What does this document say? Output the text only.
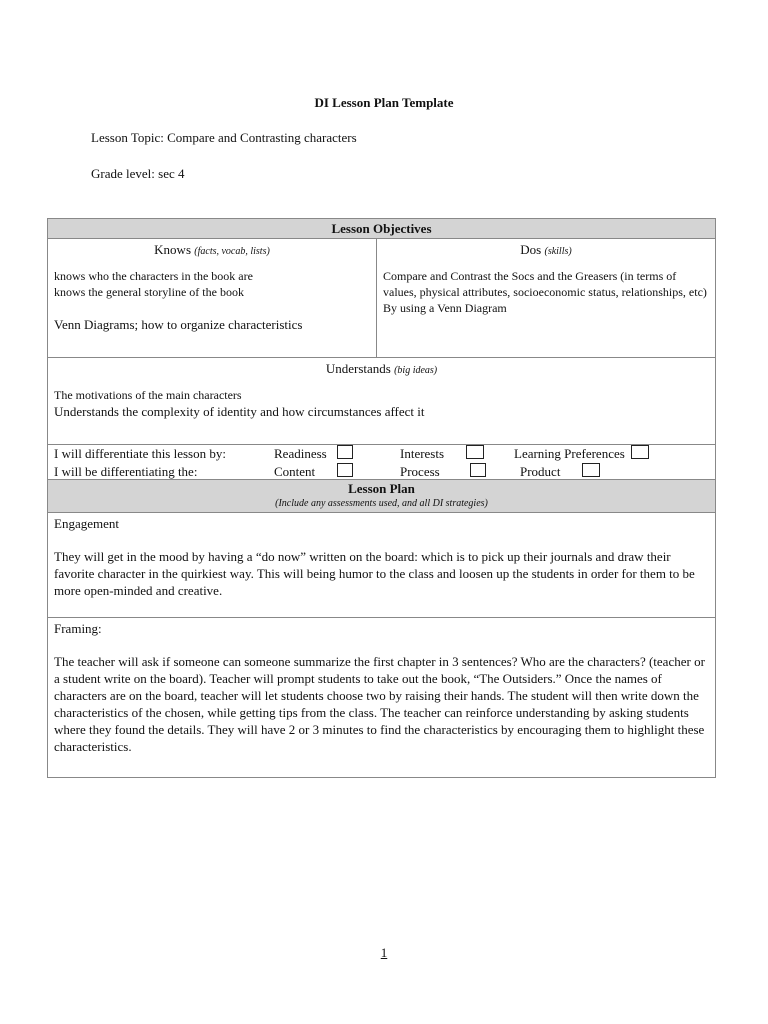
DI Lesson Plan Template
Lesson Topic: Compare and Contrasting characters
Grade level: sec 4
Lesson Objectives

Knows (facts, vocab, lists)
knows who the characters in the book are
knows the general storyline of the book
Venn Diagrams; how to organize characteristics

Dos (skills)
Compare and Contrast the Socs and the Greasers (in terms of values, physical attributes, socioeconomic status, relationships, etc) By using a Venn Diagram

Understands (big ideas)
The motivations of the main characters
Understands the complexity of identity and how circumstances affect it

I will differentiate this lesson by:	Readiness	Interests	Learning Preferences
I will be differentiating the:	Content	Process	Product

Lesson Plan
(Include any assessments used, and all DI strategies)

Engagement
They will get in the mood by having a “do now” written on the board: which is to pick up their journals and draw their favorite character in the quirkiest way. This will being humor to the class and loosen up the students in order for them to be more open-minded and creative.

Framing:
The teacher will ask if someone can someone summarize the first chapter in 3 sentences? Who are the characters? (teacher or a student write on the board). Teacher will prompt students to take out the book, “The Outsiders.” Once the names of characters are on the board, teacher will let students choose two by raising their hands. The student will then write down the characteristics of the chosen, while getting tips from the class. The teacher can reinforce understanding by asking students where they found the details. They will have 2 or 3 minutes to find the characteristics by encouraging them to highlight these characteristics.
1
